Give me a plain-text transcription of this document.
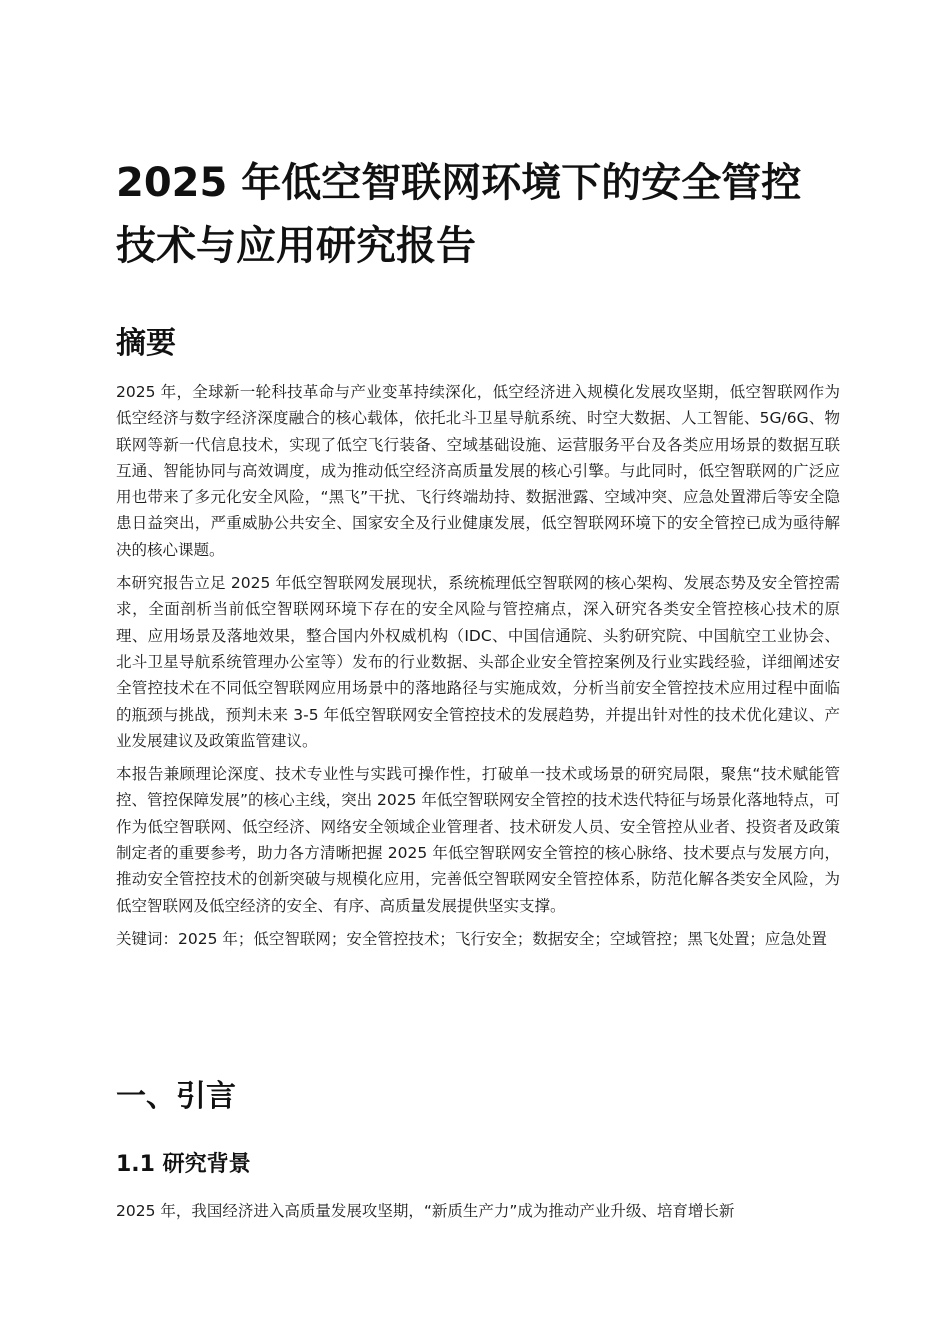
2025 年低空智联网环境下的安全管控技术与应用研究报告
摘要

2025 年，全球新一轮科技革命与产业变革持续深化，低空经济进入规模化发展攻坚期，低空智联网作为低空经济与数字经济深度融合的核心载体，依托北斗卫星导航系统、时空大数据、人工智能、5G/6G、物联网等新一代信息技术，实现了低空飞行装备、空域基础设施、运营服务平台及各类应用场景的数据互联互通、智能协同与高效调度，成为推动低空经济高质量发展的核心引擎。与此同时，低空智联网的广泛应用也带来了多元化安全风险，“黑飞”干扰、飞行终端劫持、数据泄露、空域冲突、应急处置滞后等安全隐患日益突出，严重威胁公共安全、国家安全及行业健康发展，低空智联网环境下的安全管控已成为亟待解决的核心课题。

本研究报告立足 2025 年低空智联网发展现状，系统梳理低空智联网的核心架构、发展态势及安全管控需求，全面剖析当前低空智联网环境下存在的安全风险与管控痛点，深入研究各类安全管控核心技术的原理、应用场景及落地效果，整合国内外权威机构（IDC、中国信通院、头豹研究院、中国航空工业协会、北斗卫星导航系统管理办公室等）发布的行业数据、头部企业安全管控案例及行业实践经验，详细阐述安全管控技术在不同低空智联网应用场景中的落地路径与实施成效，分析当前安全管控技术应用过程中面临的瓶颈与挑战，预判未来 3-5 年低空智联网安全管控技术的发展趋势，并提出针对性的技术优化建议、产业发展建议及政策监管建议。

本报告兼顾理论深度、技术专业性与实践可操作性，打破单一技术或场景的研究局限，聚焦“技术赋能管控、管控保障发展”的核心主线，突出 2025 年低空智联网安全管控的技术迭代特征与场景化落地特点，可作为低空智联网、低空经济、网络安全领域企业管理者、技术研发人员、安全管控从业者、投资者及政策制定者的重要参考，助力各方清晰把握 2025 年低空智联网安全管控的核心脉络、技术要点与发展方向，推动安全管控技术的创新突破与规模化应用，完善低空智联网安全管控体系，防范化解各类安全风险，为低空智联网及低空经济的安全、有序、高质量发展提供坚实支撑。

关键词：2025 年；低空智联网；安全管控技术；飞行安全；数据安全；空域管控；黑飞处置；应急处置

一、引言
1.1 研究背景

2025 年，我国经济进入高质量发展攻坚期，“新质生产力”成为推动产业升级、培育增长新
